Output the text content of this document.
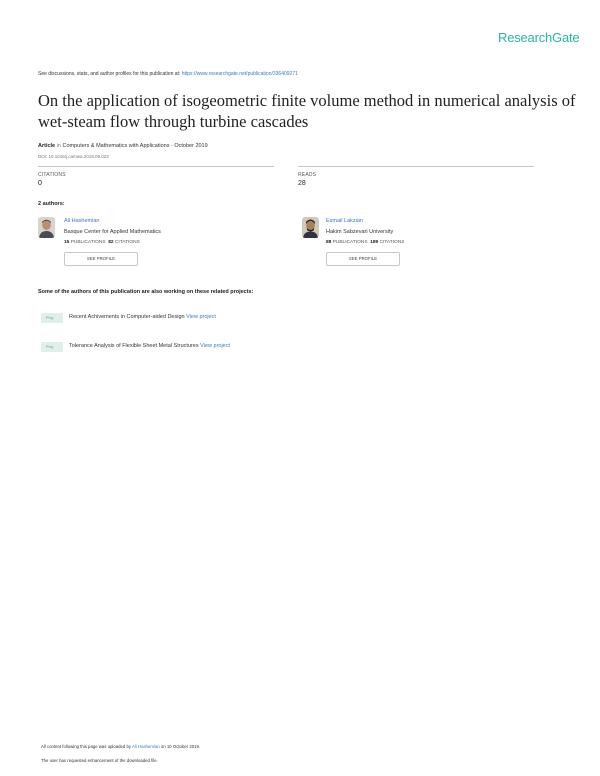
ResearchGate
See discussions, stats, and author profiles for this publication at: https://www.researchgate.net/publication/336409271
On the application of isogeometric finite volume method in numerical analysis of wet-steam flow through turbine cascades
Article in Computers & Mathematics with Applications · October 2019
DOI: 10.1016/j.camwa.2019.09.023
CITATIONS
0
READS
28
2 authors:
Ali Hashemian
Basque Center for Applied Mathematics
15 PUBLICATIONS 82 CITATIONS
SEE PROFILE
Esmail Lakzian
Hakim Sabzevari University
88 PUBLICATIONS 189 CITATIONS
SEE PROFILE
Some of the authors of this publication are also working on these related projects:
Proj.	Recent Achivements in Computer-aided Design View project
Proj.	Tolerance Analysis of Flexible Sheet Metal Structures View project
All content following this page was uploaded by Ali Hashemian on 10 October 2019.
The user has requested enhancement of the downloaded file.
